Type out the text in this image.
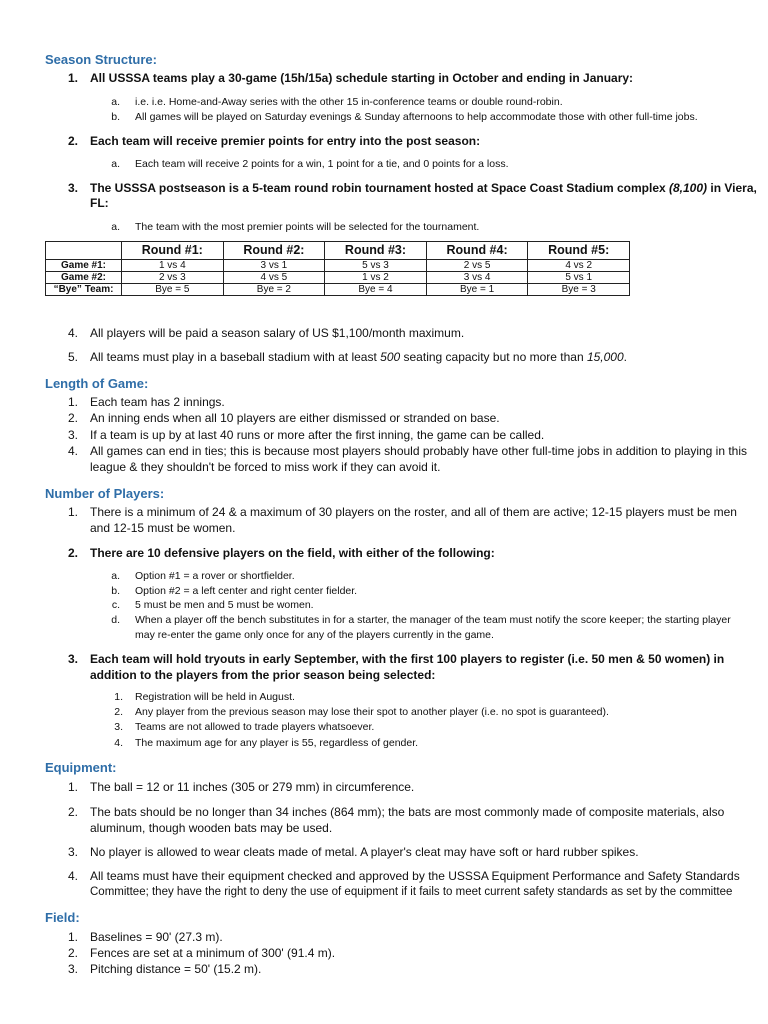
Season Structure:
1. All USSSA teams play a 30-game (15h/15a) schedule starting in October and ending in January:
a. i.e. i.e. Home-and-Away series with the other 15 in-conference teams or double round-robin.
b. All games will be played on Saturday evenings & Sunday afternoons to help accommodate those with other full-time jobs.
2. Each team will receive premier points for entry into the post season:
a. Each team will receive 2 points for a win, 1 point for a tie, and 0 points for a loss.
3. The USSSA postseason is a 5-team round robin tournament hosted at Space Coast Stadium complex (8,100) in Viera,
FL:
a. The team with the most premier points will be selected for the tournament.
	Round #1:	Round #2:	Round #3:	Round #4:	Round #5:
Game #1:	1 vs 4	3 vs 1	5 vs 3	2 vs 5	4 vs 2
Game #2:	2 vs 3	4 vs 5	1 vs 2	3 vs 4	5 vs 1
“Bye” Team:	Bye = 5	Bye = 2	Bye = 4	Bye = 1	Bye = 3
4. All players will be paid a season salary of US $1,100/month maximum.
5. All teams must play in a baseball stadium with at least 500 seating capacity but no more than 15,000.
Length of Game:
1. Each team has 2 innings.
2. An inning ends when all 10 players are either dismissed or stranded on base.
3. If a team is up by at last 40 runs or more after the first inning, the game can be called.
4. All games can end in ties; this is because most players should probably have other full-time jobs in addition to playing in this
league & they shouldn't be forced to miss work if they can avoid it.
Number of Players:
1. There is a minimum of 24 & a maximum of 30 players on the roster, and all of them are active; 12-15 players must be men
and 12-15 must be women.
2. There are 10 defensive players on the field, with either of the following:
a. Option #1 = a rover or shortfielder.
b. Option #2 = a left center and right center fielder.
c. 5 must be men and 5 must be women.
d. When a player off the bench substitutes in for a starter, the manager of the team must notify the score keeper; the starting player
may re-enter the game only once for any of the players currently in the game.
3. Each team will hold tryouts in early September, with the first 100 players to register (i.e. 50 men & 50 women) in
addition to the players from the prior season being selected:
1. Registration will be held in August.
2. Any player from the previous season may lose their spot to another player (i.e. no spot is guaranteed).
3. Teams are not allowed to trade players whatsoever.
4. The maximum age for any player is 55, regardless of gender.
Equipment:
1. The ball = 12 or 11 inches (305 or 279 mm) in circumference.
2. The bats should be no longer than 34 inches (864 mm); the bats are most commonly made of composite materials, also
aluminum, though wooden bats may be used.
3. No player is allowed to wear cleats made of metal. A player's cleat may have soft or hard rubber spikes.
4. All teams must have their equipment checked and approved by the USSSA Equipment Performance and Safety Standards
Committee; they have the right to deny the use of equipment if it fails to meet current safety standards as set by the committee
Field:
1. Baselines = 90' (27.3 m).
2. Fences are set at a minimum of 300' (91.4 m).
3. Pitching distance = 50' (15.2 m).
